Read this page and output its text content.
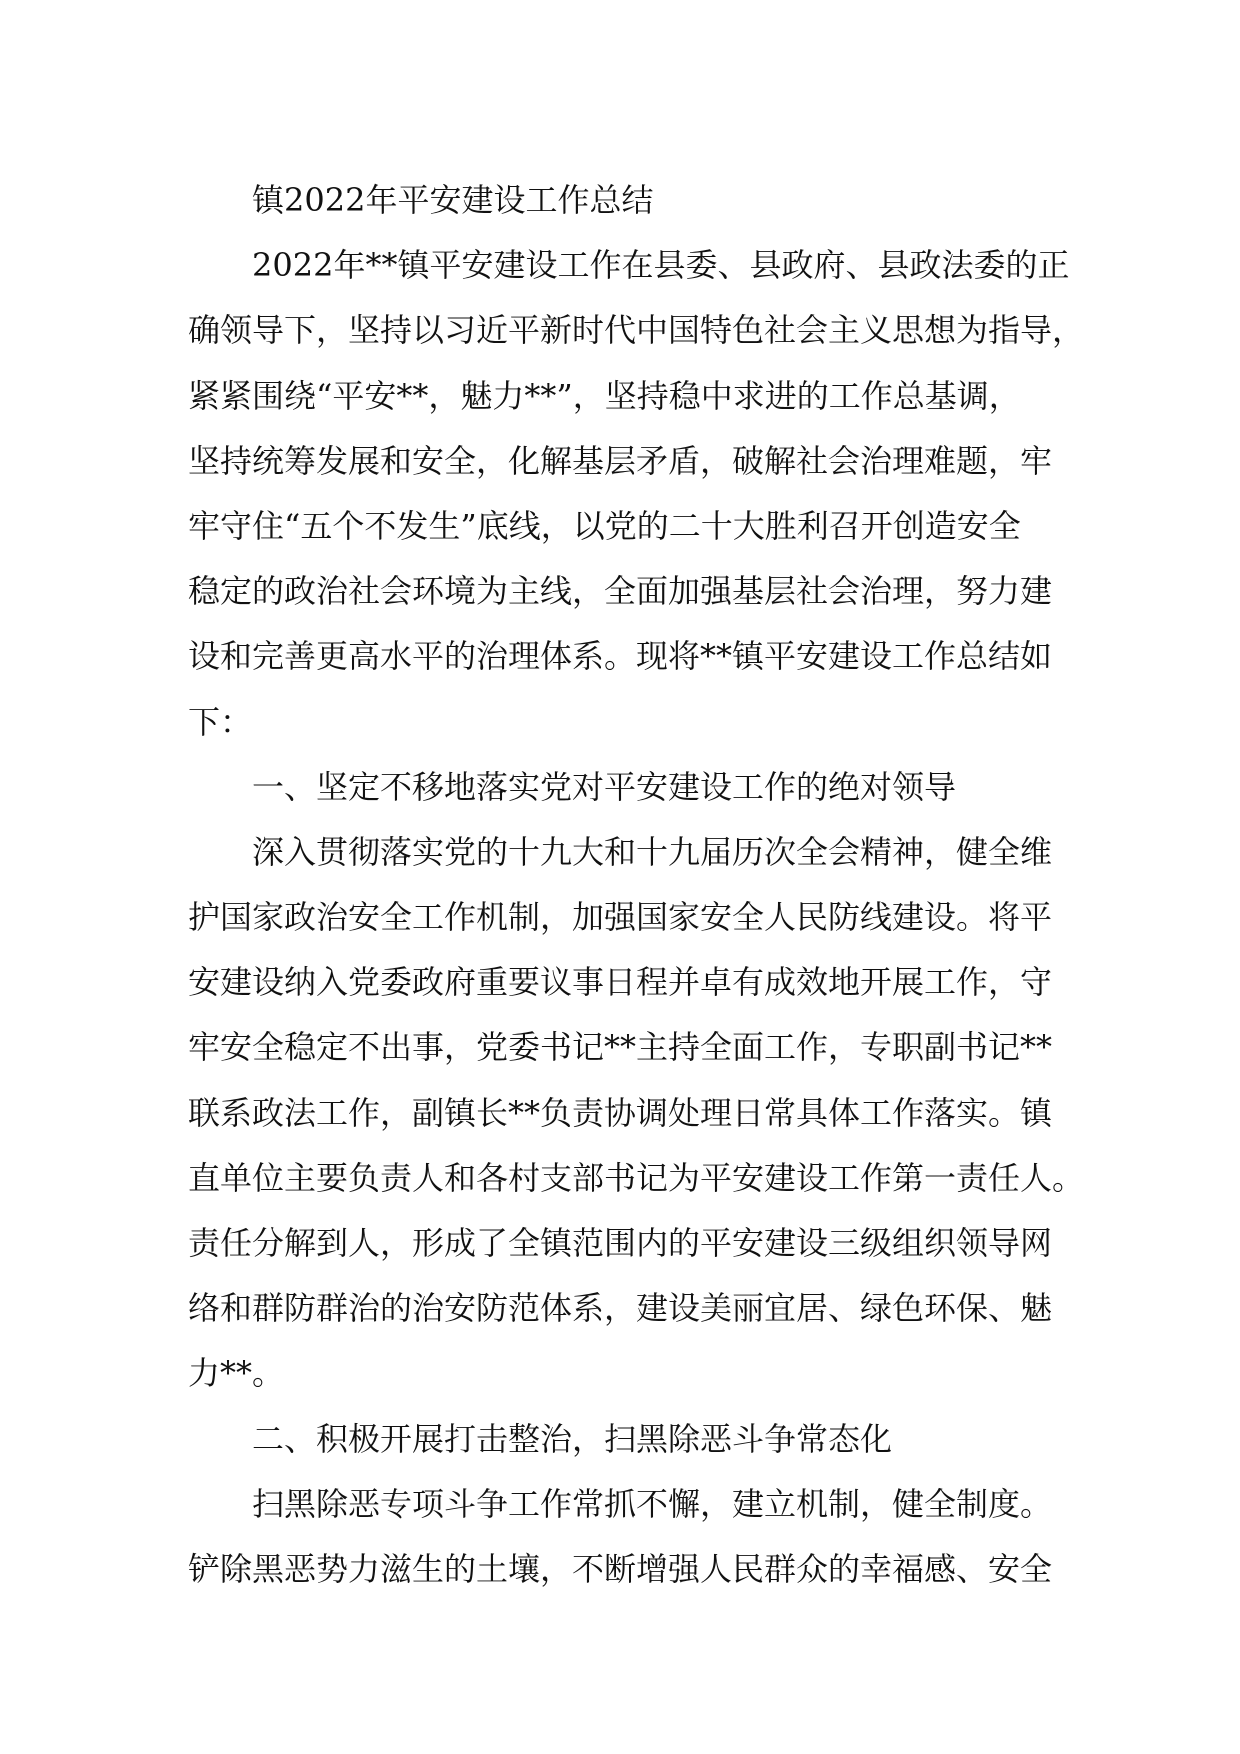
镇2022年平安建设工作总结
2022年**镇平安建设工作在县委、县政府、县政法委的正
确领导下，坚持以习近平新时代中国特色社会主义思想为指导，
紧紧围绕“平安**，魅力**”，坚持稳中求进的工作总基调，
坚持统筹发展和安全，化解基层矛盾，破解社会治理难题，牢
牢守住“五个不发生”底线，以党的二十大胜利召开创造安全
稳定的政治社会环境为主线，全面加强基层社会治理，努力建
设和完善更高水平的治理体系。现将**镇平安建设工作总结如
下：
一、坚定不移地落实党对平安建设工作的绝对领导
深入贯彻落实党的十九大和十九届历次全会精神，健全维
护国家政治安全工作机制，加强国家安全人民防线建设。将平
安建设纳入党委政府重要议事日程并卓有成效地开展工作，守
牢安全稳定不出事，党委书记**主持全面工作，专职副书记**
联系政法工作，副镇长**负责协调处理日常具体工作落实。镇
直单位主要负责人和各村支部书记为平安建设工作第一责任人。
责任分解到人，形成了全镇范围内的平安建设三级组织领导网
络和群防群治的治安防范体系，建设美丽宜居、绿色环保、魅
力**。
二、积极开展打击整治，扫黑除恶斗争常态化
扫黑除恶专项斗争工作常抓不懈，建立机制，健全制度。
铲除黑恶势力滋生的土壤，不断增强人民群众的幸福感、安全
